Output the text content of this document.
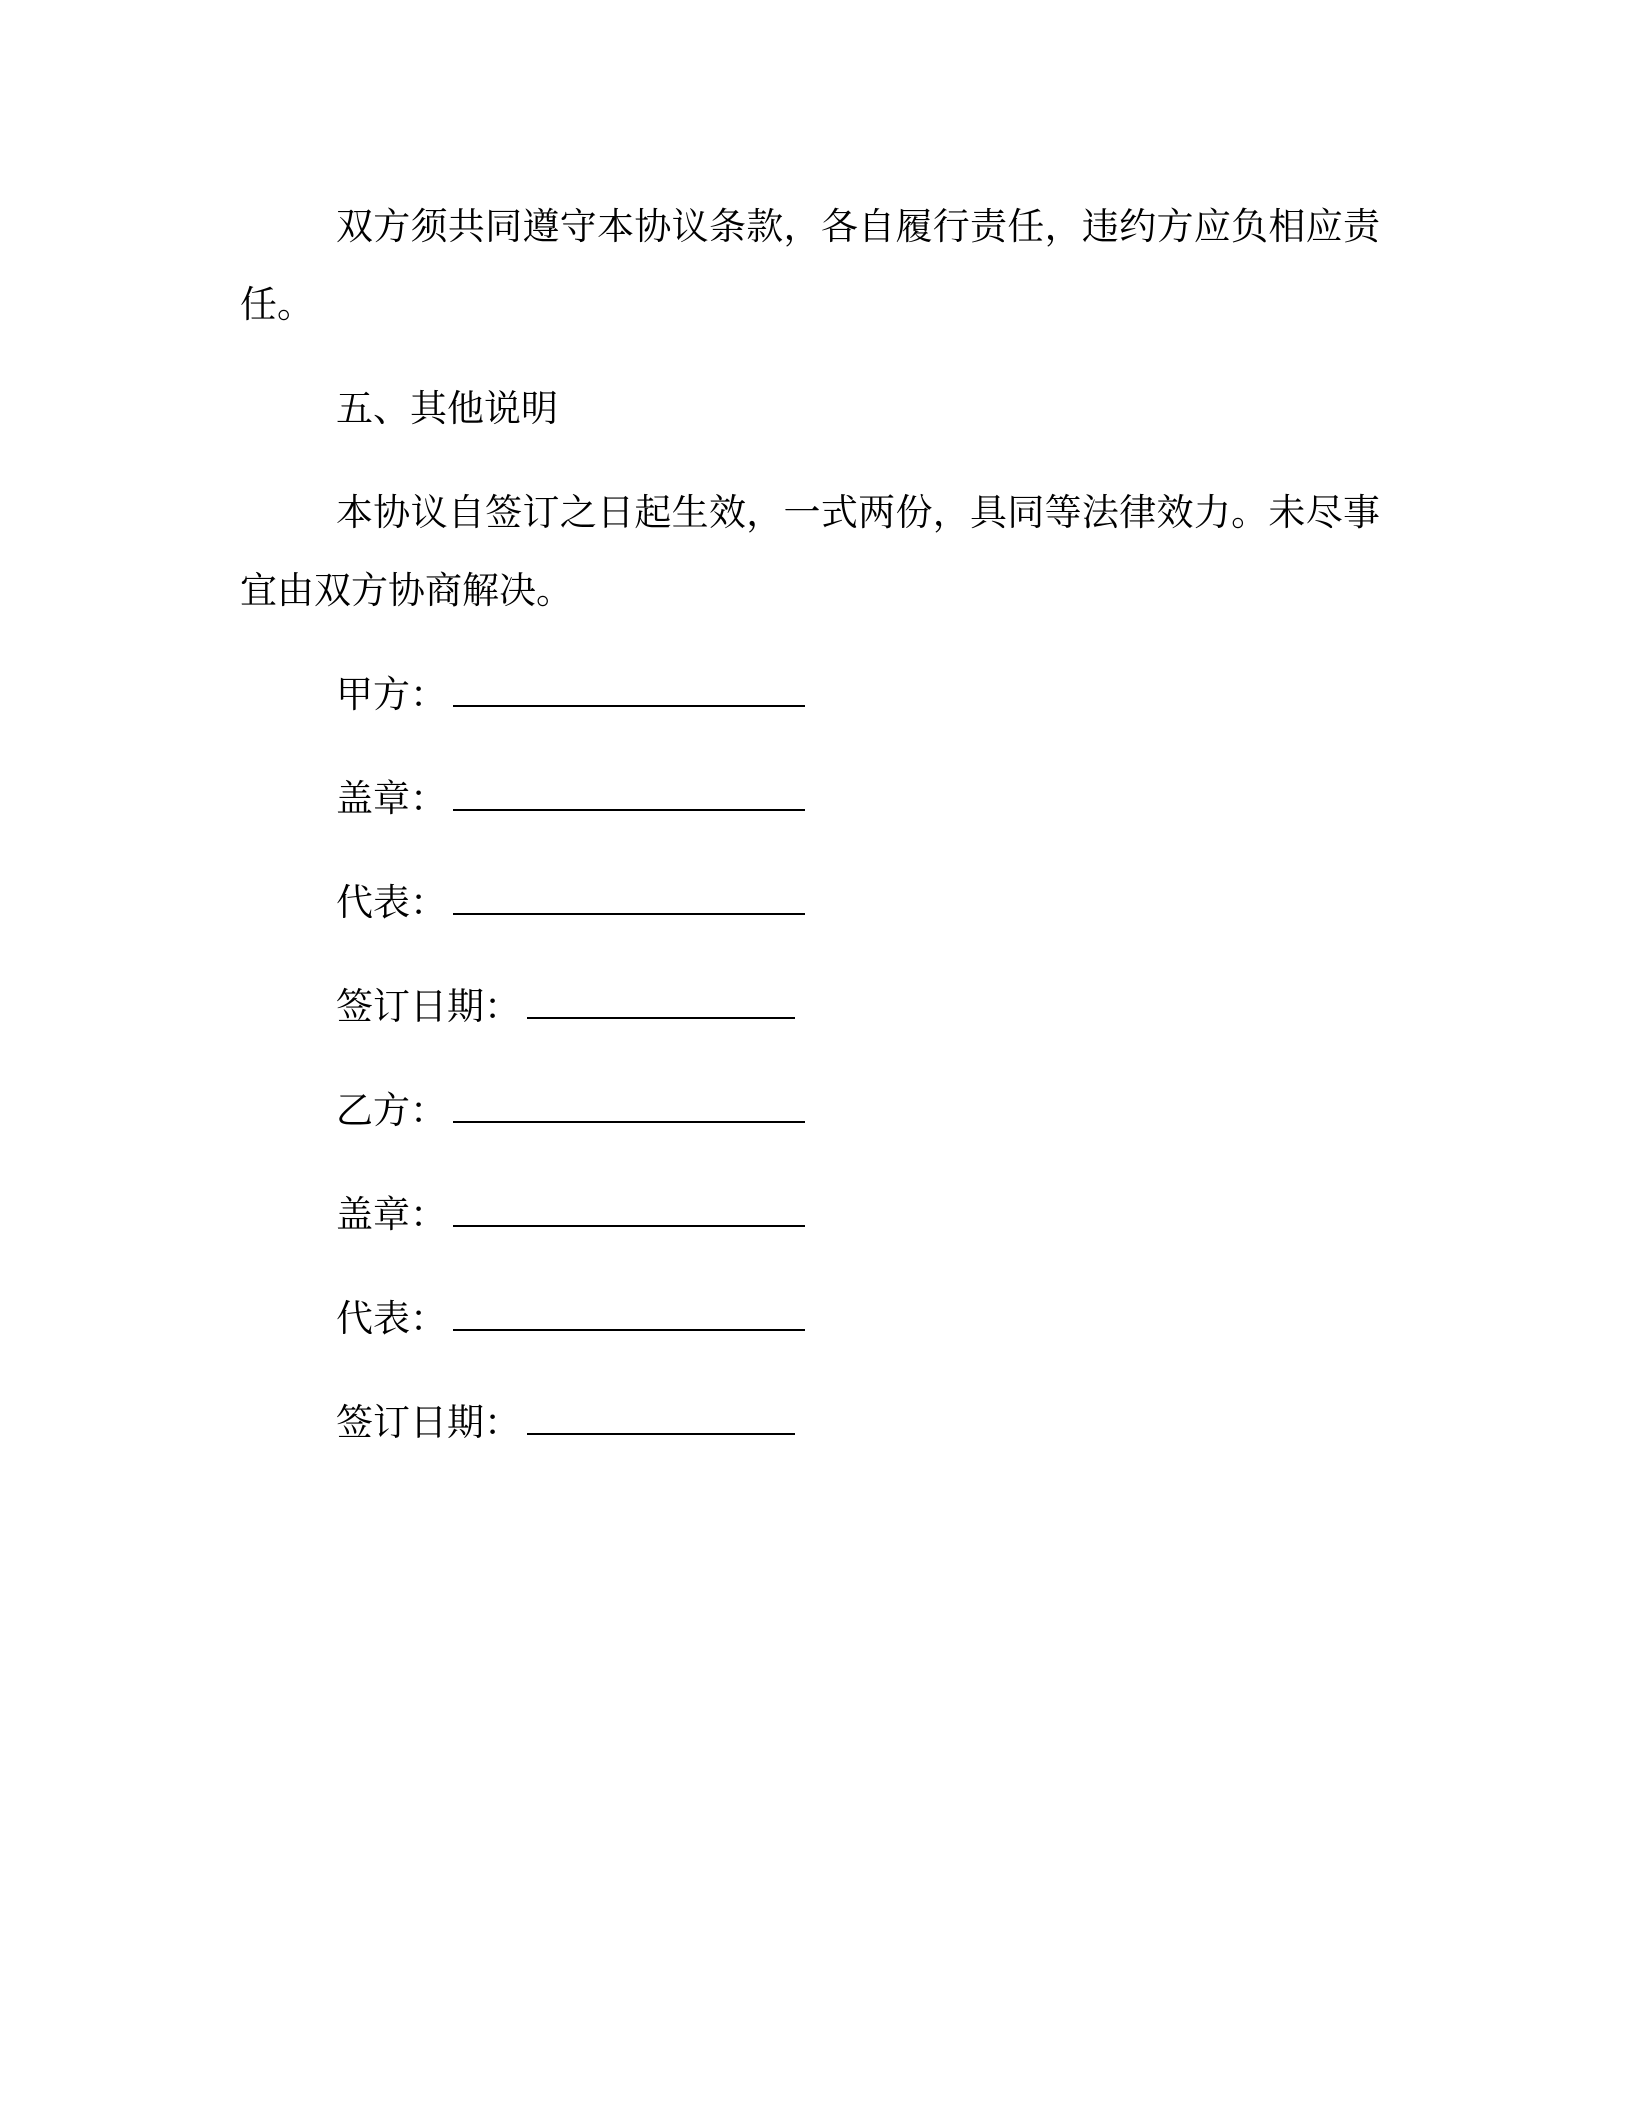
双方须共同遵守本协议条款，各自履行责任，违约方应负相应责任。

五、其他说明

本协议自签订之日起生效，一式两份，具同等法律效力。未尽事宜由双方协商解决。

甲方：
盖章：
代表：
签订日期：
乙方：
盖章：
代表：
签订日期：
